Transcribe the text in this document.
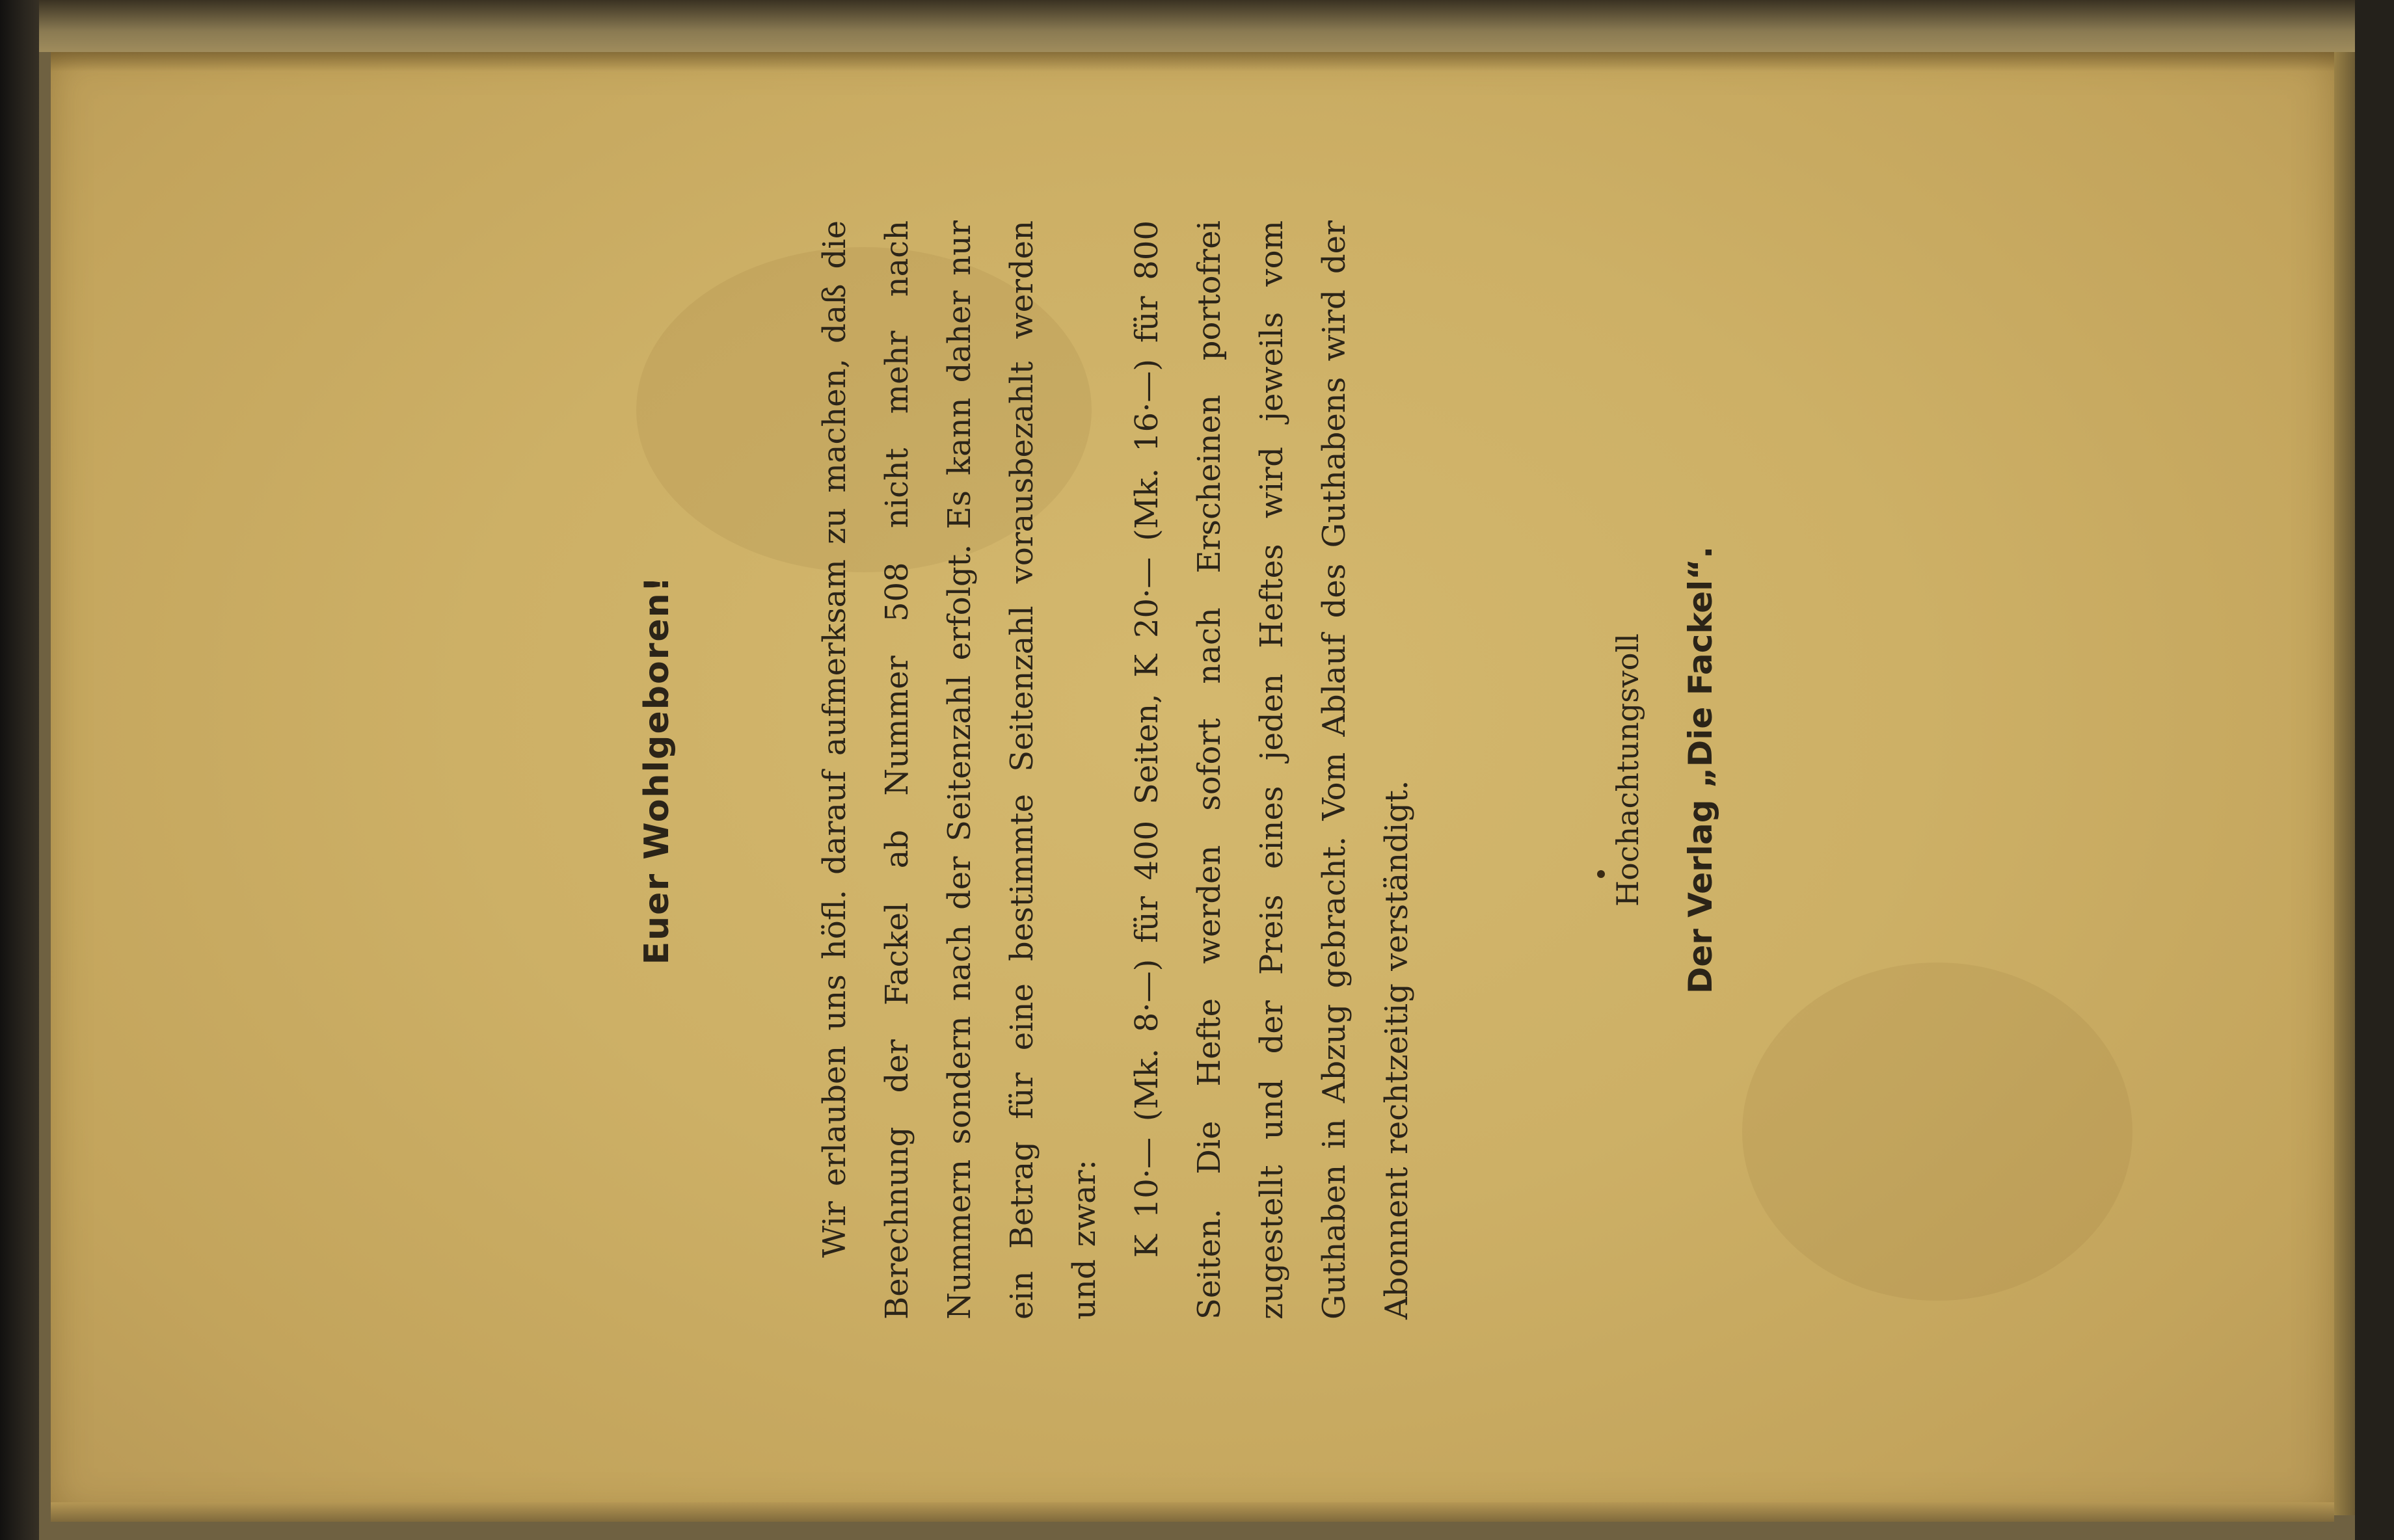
Euer Wohlgeboren!	Wir erlauben uns höfl. darauf aufmerksam zu machen, daß die Berechnung der Fackel ab Nummer 508 nicht mehr nach Nummern sondern nach der Seitenzahl erfolgt. Es kann daher nur ein Betrag für eine bestimmte Seitenzahl vorausbezahlt werden und zwar: K 10·— (Mk. 8·—) für 400 Seiten, K 20·— (Mk. 16·—) für 800 Seiten. Die Hefte werden sofort nach Erscheinen portofrei zugestellt und der Preis eines jeden Heftes wird jeweils vom Guthaben in Abzug gebracht. Vom Ablauf des Guthabens wird der Abonnent rechtzeitig verständigt.

Hochachtungsvoll Der Verlag „Die Fackel“.
